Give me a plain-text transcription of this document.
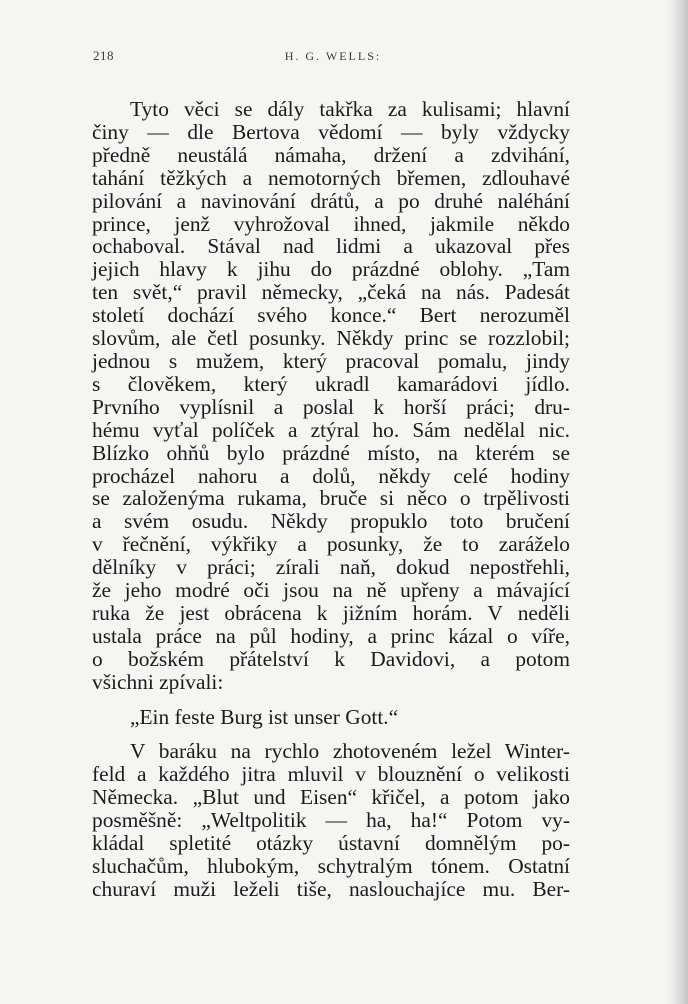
218	H. G. WELLS:
Tyto věci se dály takřka za kulisami; hlavní
činy — dle Bertova vědomí — byly vždycky
předně neustálá námaha, držení a zdvihání,
tahání těžkých a nemotorných břemen, zdlouhavé
pilování a navinování drátů, a po druhé naléhání
prince, jenž vyhrožoval ihned, jakmile někdo
ochaboval. Stával nad lidmi a ukazoval přes
jejich hlavy k jihu do prázdné oblohy. „Tam
ten svět,“ pravil německy, „čeká na nás. Padesát
století dochází svého konce.“ Bert nerozuměl
slovům, ale četl posunky. Někdy princ se rozzlobil;
jednou s mužem, který pracoval pomalu, jindy
s člověkem, který ukradl kamarádovi jídlo.
Prvního vyplísnil a poslal k horší práci; dru-
hému vyťal políček a ztýral ho. Sám nedělal nic.
Blízko ohňů bylo prázdné místo, na kterém se
procházel nahoru a dolů, někdy celé hodiny
se založenýma rukama, bruče si něco o trpělivosti
a svém osudu. Někdy propuklo toto bručení
v řečnění, výkřiky a posunky, že to zaráželo
dělníky v práci; zírali naň, dokud nepostřehli,
že jeho modré oči jsou na ně upřeny a mávající
ruka že jest obrácena k jižním horám. V neděli
ustala práce na půl hodiny, a princ kázal o víře,
o božském přátelství k Davidovi, a potom
všichni zpívali:
„Ein feste Burg ist unser Gott.“
V baráku na rychlo zhotoveném ležel Winter-
feld a každého jitra mluvil v blouznění o velikosti
Německa. „Blut und Eisen“ křičel, a potom jako
posměšně: „Weltpolitik — ha, ha!“ Potom vy-
kládal spletité otázky ústavní domnělým po-
sluchačům, hlubokým, schytralým tónem. Ostatní
churaví muži leželi tiše, naslouchajíce mu. Ber-
